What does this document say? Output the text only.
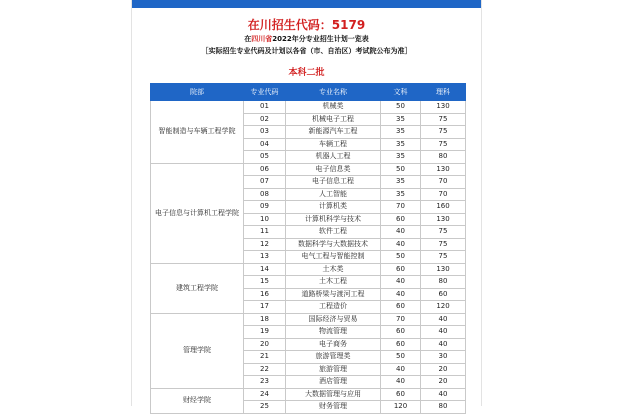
在川招生代码：5179
在四川省2022年分专业招生计划一览表
［实际招生专业代码及计划以各省（市、自治区）考试院公布为准］
本科二批
院部	专业代码	专业名称	文科	理科
智能制造与车辆工程学院	01	机械类	50	130
	02	机械电子工程	35	75
	03	新能源汽车工程	35	75
	04	车辆工程	35	75
	05	机器人工程	35	80
电子信息与计算机工程学院	06	电子信息类	50	130
	07	电子信息工程	35	70
	08	人工智能	35	70
	09	计算机类	70	160
	10	计算机科学与技术	60	130
	11	软件工程	40	75
	12	数据科学与大数据技术	40	75
	13	电气工程与智能控制	50	75
建筑工程学院	14	土木类	60	130
	15	土木工程	40	80
	16	道路桥梁与渡河工程	40	60
	17	工程造价	60	120
管理学院	18	国际经济与贸易	70	40
	19	物流管理	60	40
	20	电子商务	60	40
	21	旅游管理类	50	30
	22	旅游管理	40	20
	23	酒店管理	40	20
财经学院	24	大数据管理与应用	60	40
	25	财务管理	120	80
